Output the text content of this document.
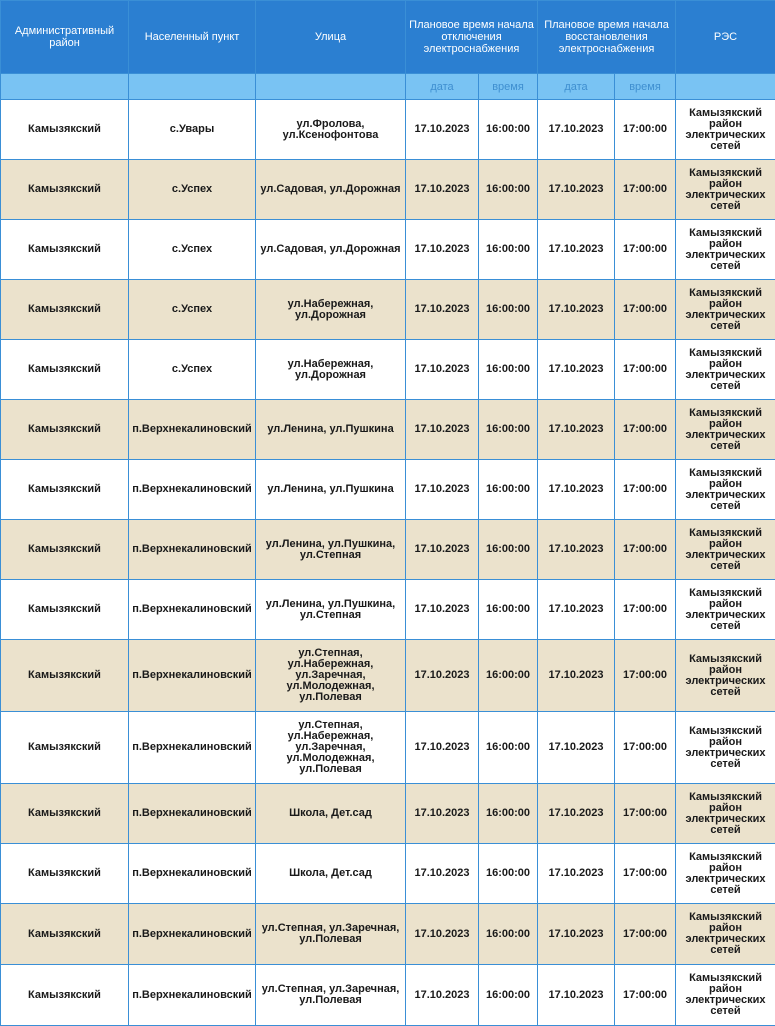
Административный район	Населенный пункт	Улица	Плановое время начала отключения электроснабжения		Плановое время начала восстановления электроснабжения		РЭС
			дата	время	дата	время	
Камызякский	с.Увары	ул.Фролова, ул.Ксенофонтова	17.10.2023	16:00:00	17.10.2023	17:00:00	Камызякский район электрических сетей
Камызякский	с.Успех	ул.Садовая, ул.Дорожная	17.10.2023	16:00:00	17.10.2023	17:00:00	Камызякский район электрических сетей
Камызякский	с.Успех	ул.Садовая, ул.Дорожная	17.10.2023	16:00:00	17.10.2023	17:00:00	Камызякский район электрических сетей
Камызякский	с.Успех	ул.Набережная, ул.Дорожная	17.10.2023	16:00:00	17.10.2023	17:00:00	Камызякский район электрических сетей
Камызякский	с.Успех	ул.Набережная, ул.Дорожная	17.10.2023	16:00:00	17.10.2023	17:00:00	Камызякский район электрических сетей
Камызякский	п.Верхнекалиновский	ул.Ленина, ул.Пушкина	17.10.2023	16:00:00	17.10.2023	17:00:00	Камызякский район электрических сетей
Камызякский	п.Верхнекалиновский	ул.Ленина, ул.Пушкина	17.10.2023	16:00:00	17.10.2023	17:00:00	Камызякский район электрических сетей
Камызякский	п.Верхнекалиновский	ул.Ленина, ул.Пушкина, ул.Степная	17.10.2023	16:00:00	17.10.2023	17:00:00	Камызякский район электрических сетей
Камызякский	п.Верхнекалиновский	ул.Ленина, ул.Пушкина, ул.Степная	17.10.2023	16:00:00	17.10.2023	17:00:00	Камызякский район электрических сетей
Камызякский	п.Верхнекалиновский	ул.Степная, ул.Набережная, ул.Заречная, ул.Молодежная, ул.Полевая	17.10.2023	16:00:00	17.10.2023	17:00:00	Камызякский район электрических сетей
Камызякский	п.Верхнекалиновский	ул.Степная, ул.Набережная, ул.Заречная, ул.Молодежная, ул.Полевая	17.10.2023	16:00:00	17.10.2023	17:00:00	Камызякский район электрических сетей
Камызякский	п.Верхнекалиновский	Школа, Дет.сад	17.10.2023	16:00:00	17.10.2023	17:00:00	Камызякский район электрических сетей
Камызякский	п.Верхнекалиновский	Школа, Дет.сад	17.10.2023	16:00:00	17.10.2023	17:00:00	Камызякский район электрических сетей
Камызякский	п.Верхнекалиновский	ул.Степная, ул.Заречная, ул.Полевая	17.10.2023	16:00:00	17.10.2023	17:00:00	Камызякский район электрических сетей
Камызякский	п.Верхнекалиновский	ул.Степная, ул.Заречная, ул.Полевая	17.10.2023	16:00:00	17.10.2023	17:00:00	Камызякский район электрических сетей
